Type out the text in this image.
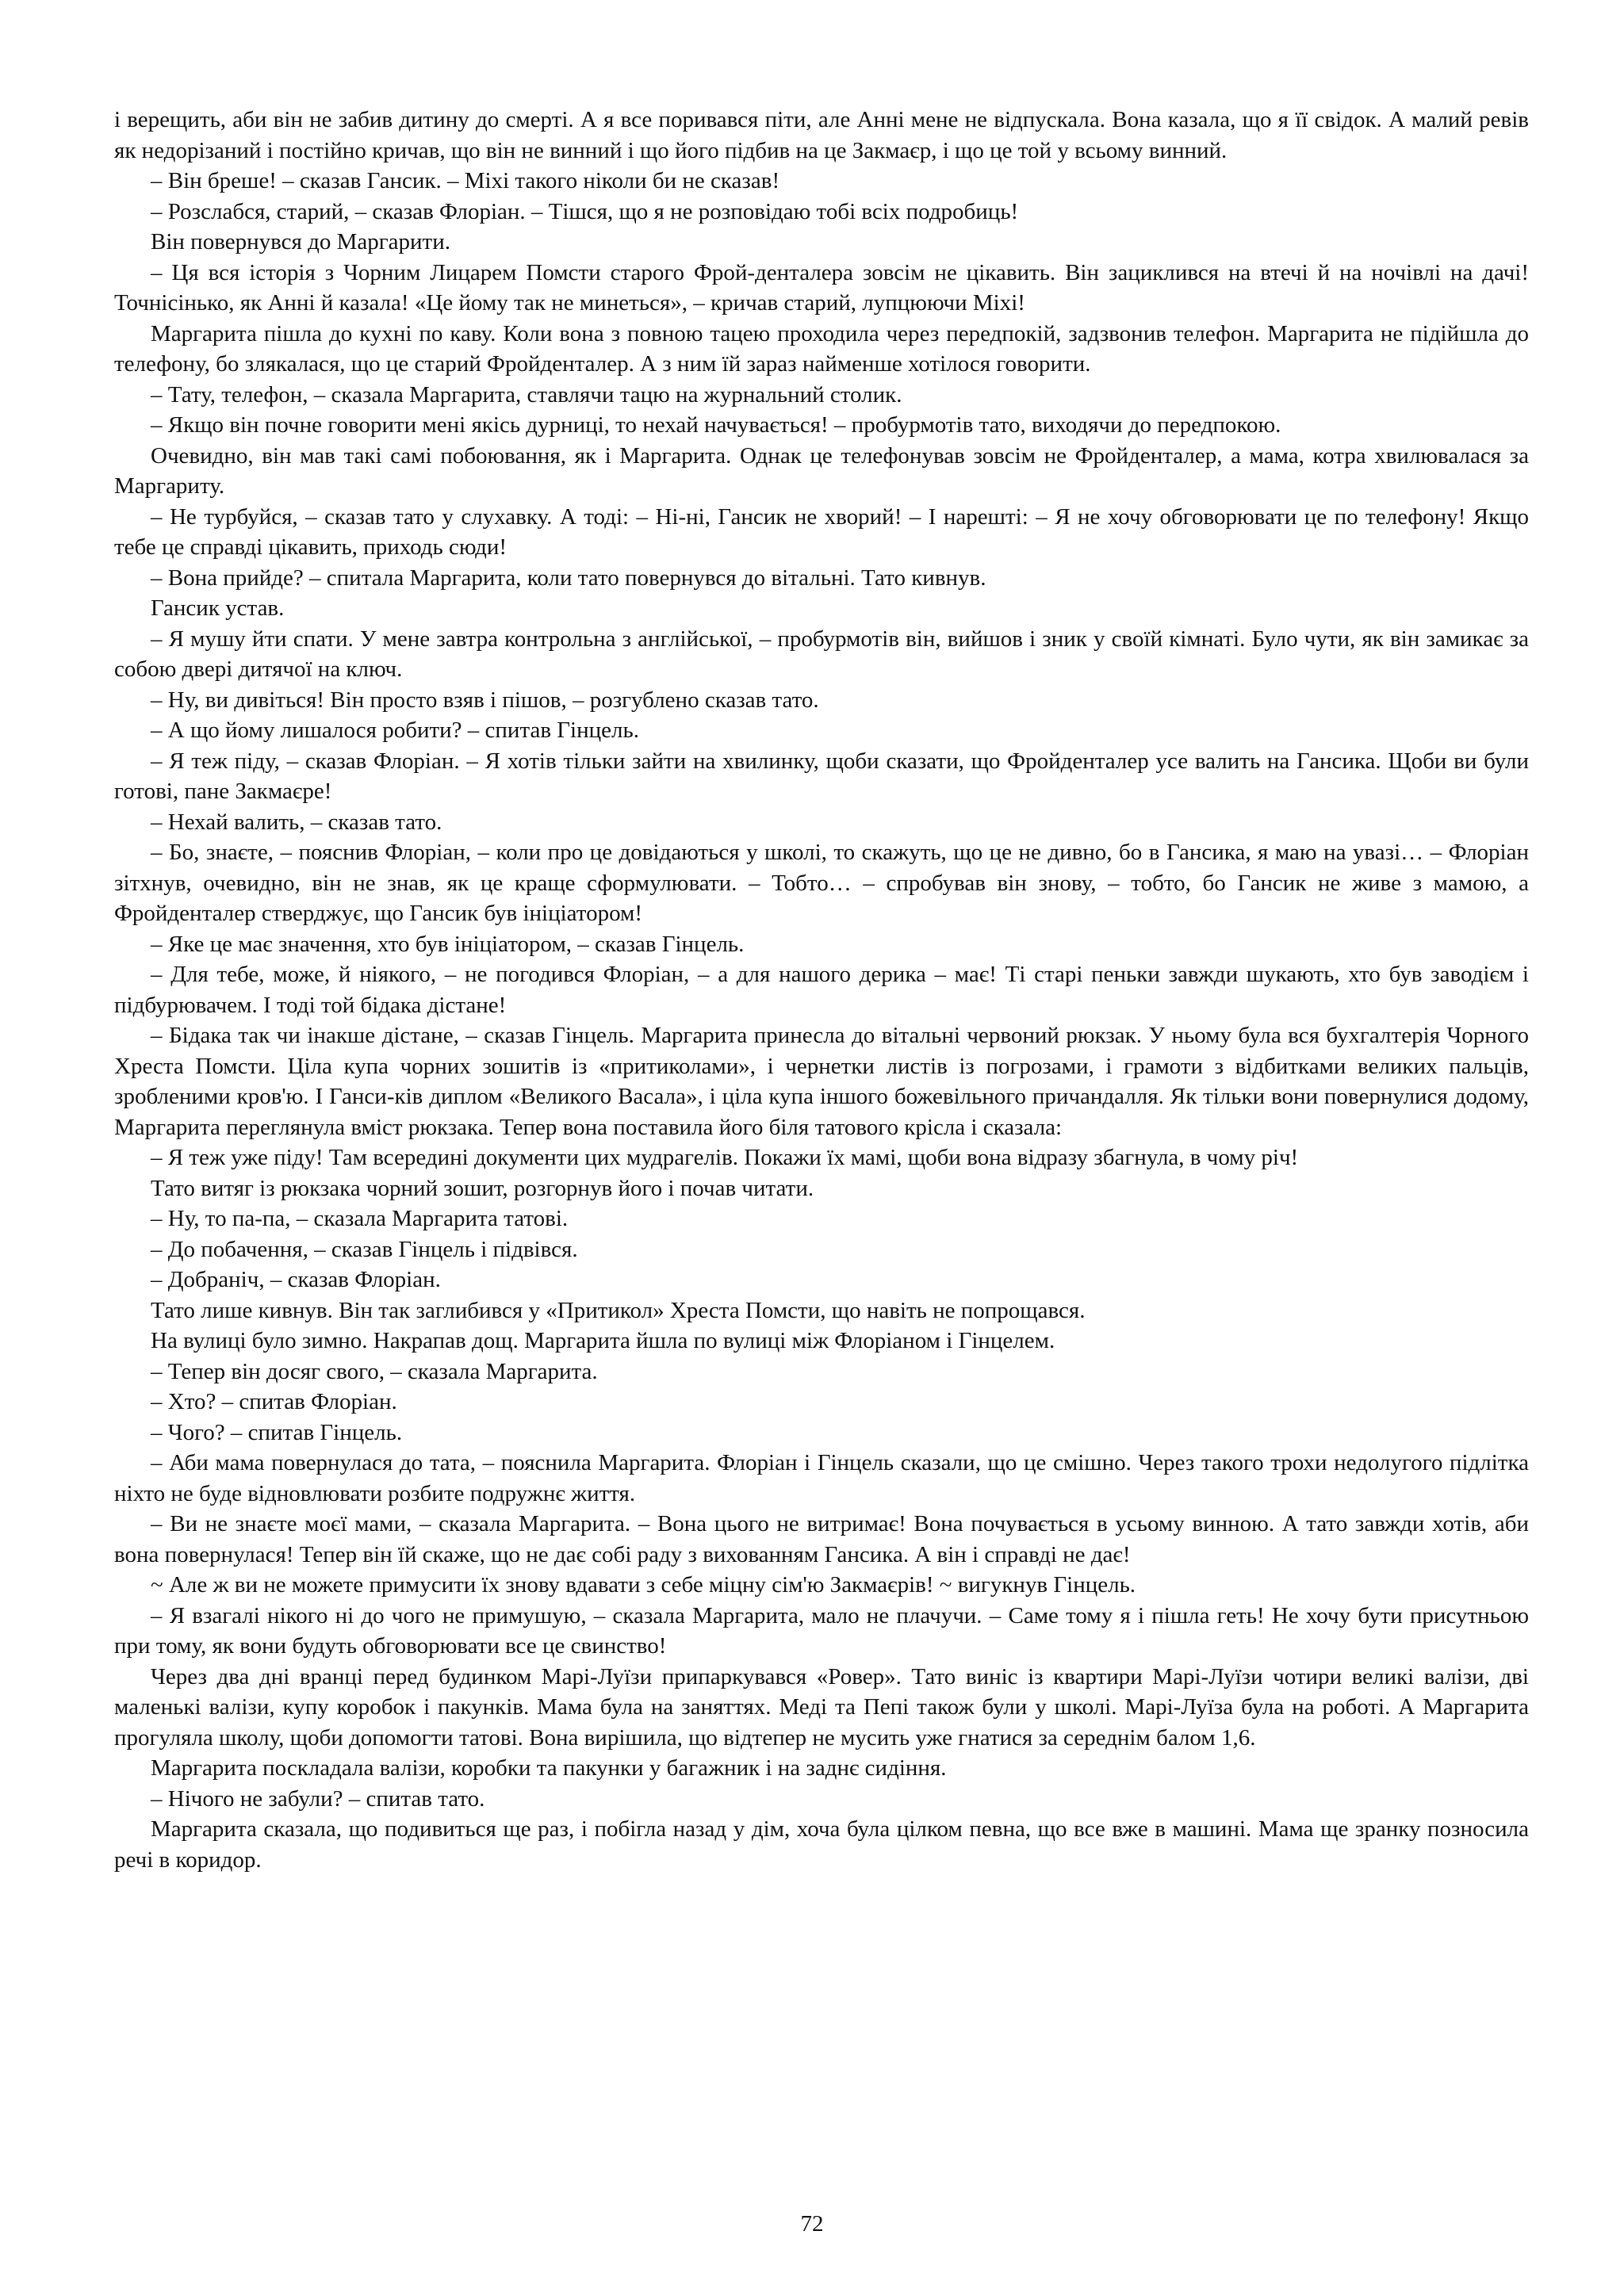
і верещить, аби він не забив дитину до смерті. А я все поривався піти, але Анні мене не відпускала. Вона казала, що я її свідок. А малий ревів як недорізаний і постійно кричав, що він не винний і що його підбив на це Закмаєр, і що це той у всьому винний.

– Він бреше! – сказав Гансик. – Міхі такого ніколи би не сказав!

– Розслабся, старий, – сказав Флоріан. – Тішся, що я не розповідаю тобі всіх подробиць!

Він повернувся до Маргарити.

– Ця вся історія з Чорним Лицарем Помсти старого Фрой-денталера зовсім не цікавить. Він зациклився на втечі й на ночівлі на дачі! Точнісінько, як Анні й казала! «Це йому так не минеться», – кричав старий, лупцюючи Міхі!

Маргарита пішла до кухні по каву. Коли вона з повною тацею проходила через передпокій, задзвонив телефон. Маргарита не підійшла до телефону, бо злякалася, що це старий Фройденталер. А з ним їй зараз найменше хотілося говорити.

– Тату, телефон, – сказала Маргарита, ставлячи тацю на журнальний столик.

– Якщо він почне говорити мені якісь дурниці, то нехай начувається! – пробурмотів тато, виходячи до передпокою.

Очевидно, він мав такі самі побоювання, як і Маргарита. Однак це телефонував зовсім не Фройденталер, а мама, котра хвилювалася за Маргариту.

– Не турбуйся, – сказав тато у слухавку. А тоді: – Ні-ні, Гансик не хворий! – І нарешті: – Я не хочу обговорювати це по телефону! Якщо тебе це справді цікавить, приходь сюди!

– Вона прийде? – спитала Маргарита, коли тато повернувся до вітальні. Тато кивнув.

Гансик устав.

– Я мушу йти спати. У мене завтра контрольна з англійської, – пробурмотів він, вийшов і зник у своїй кімнаті. Було чути, як він замикає за собою двері дитячої на ключ.

– Ну, ви дивіться! Він просто взяв і пішов, – розгублено сказав тато.

– А що йому лишалося робити? – спитав Гінцель.

– Я теж піду, – сказав Флоріан. – Я хотів тільки зайти на хвилинку, щоби сказати, що Фройденталер усе валить на Гансика. Щоби ви були готові, пане Закмаєре!

– Нехай валить, – сказав тато.

– Бо, знаєте, – пояснив Флоріан, – коли про це довідаються у школі, то скажуть, що це не дивно, бо в Гансика, я маю на увазі… – Флоріан зітхнув, очевидно, він не знав, як це краще сформулювати. – Тобто… – спробував він знову, – тобто, бо Гансик не живе з мамою, а Фройденталер стверджує, що Гансик був ініціатором!

– Яке це має значення, хто був ініціатором, – сказав Гінцель.

– Для тебе, може, й ніякого, – не погодився Флоріан, – а для нашого дерика – має! Ті старі пеньки завжди шукають, хто був заводієм і підбурювачем. І тоді той бідака дістане!

– Бідака так чи інакше дістане, – сказав Гінцель. Маргарита принесла до вітальні червоний рюкзак. У ньому була вся бухгалтерія Чорного Хреста Помсти. Ціла купа чорних зошитів із «притиколами», і чернетки листів із погрозами, і грамоти з відбитками великих пальців, зробленими кров'ю. І Ганси-ків диплом «Великого Васала», і ціла купа іншого божевільного причандалля. Як тільки вони повернулися додому, Маргарита переглянула вміст рюкзака. Тепер вона поставила його біля татового крісла і сказала:

– Я теж уже піду! Там всередині документи цих мудрагелів. Покажи їх мамі, щоби вона відразу збагнула, в чому річ!

Тато витяг із рюкзака чорний зошит, розгорнув його і почав читати.

– Ну, то па-па, – сказала Маргарита татові.

– До побачення, – сказав Гінцель і підвівся.

– Добраніч, – сказав Флоріан.

Тато лише кивнув. Він так заглибився у «Притикол» Хреста Помсти, що навіть не попрощався.

На вулиці було зимно. Накрапав дощ. Маргарита йшла по вулиці між Флоріаном і Гінцелем.

– Тепер він досяг свого, – сказала Маргарита.

– Хто? – спитав Флоріан.

– Чого? – спитав Гінцель.

– Аби мама повернулася до тата, – пояснила Маргарита. Флоріан і Гінцель сказали, що це смішно. Через такого трохи недолугого підлітка ніхто не буде відновлювати розбите подружнє життя.

– Ви не знаєте моєї мами, – сказала Маргарита. – Вона цього не витримає! Вона почувається в усьому винною. А тато завжди хотів, аби вона повернулася! Тепер він їй скаже, що не дає собі раду з вихованням Гансика. А він і справді не дає!

~ Але ж ви не можете примусити їх знову вдавати з себе міцну сім'ю Закмаєрів! ~ вигукнув Гінцель.

– Я взагалі нікого ні до чого не примушую, – сказала Маргарита, мало не плачучи. – Саме тому я і пішла геть! Не хочу бути присутньою при тому, як вони будуть обговорювати все це свинство!

Через два дні вранці перед будинком Марі-Луїзи припаркувався «Ровер». Тато виніс із квартири Марі-Луїзи чотири великі валізи, дві маленькі валізи, купу коробок і пакунків. Мама була на заняттях. Меді та Пепі також були у школі. Марі-Луїза була на роботі. А Маргарита прогуляла школу, щоби допомогти татові. Вона вирішила, що відтепер не мусить уже гнатися за середнім балом 1,6.

Маргарита поскладала валізи, коробки та пакунки у багажник і на заднє сидіння.

– Нічого не забули? – спитав тато.

Маргарита сказала, що подивиться ще раз, і побігла назад у дім, хоча була цілком певна, що все вже в машині. Мама ще зранку позносила речі в коридор.

72
